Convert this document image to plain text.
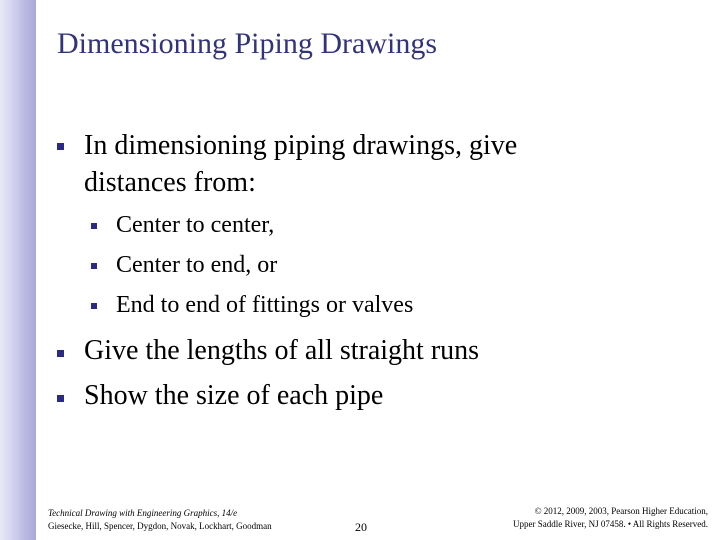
Dimensioning Piping Drawings
In dimensioning piping drawings, give
distances from:
Center to center,
Center to end, or
End to end of fittings or valves
Give the lengths of all straight runs
Show the size of each pipe
Technical Drawing with Engineering Graphics, 14/e
Giesecke, Hill, Spencer, Dygdon, Novak, Lockhart, Goodman	20
© 2012, 2009, 2003, Pearson Higher Education,
Upper Saddle River, NJ 07458. • All Rights Reserved.
